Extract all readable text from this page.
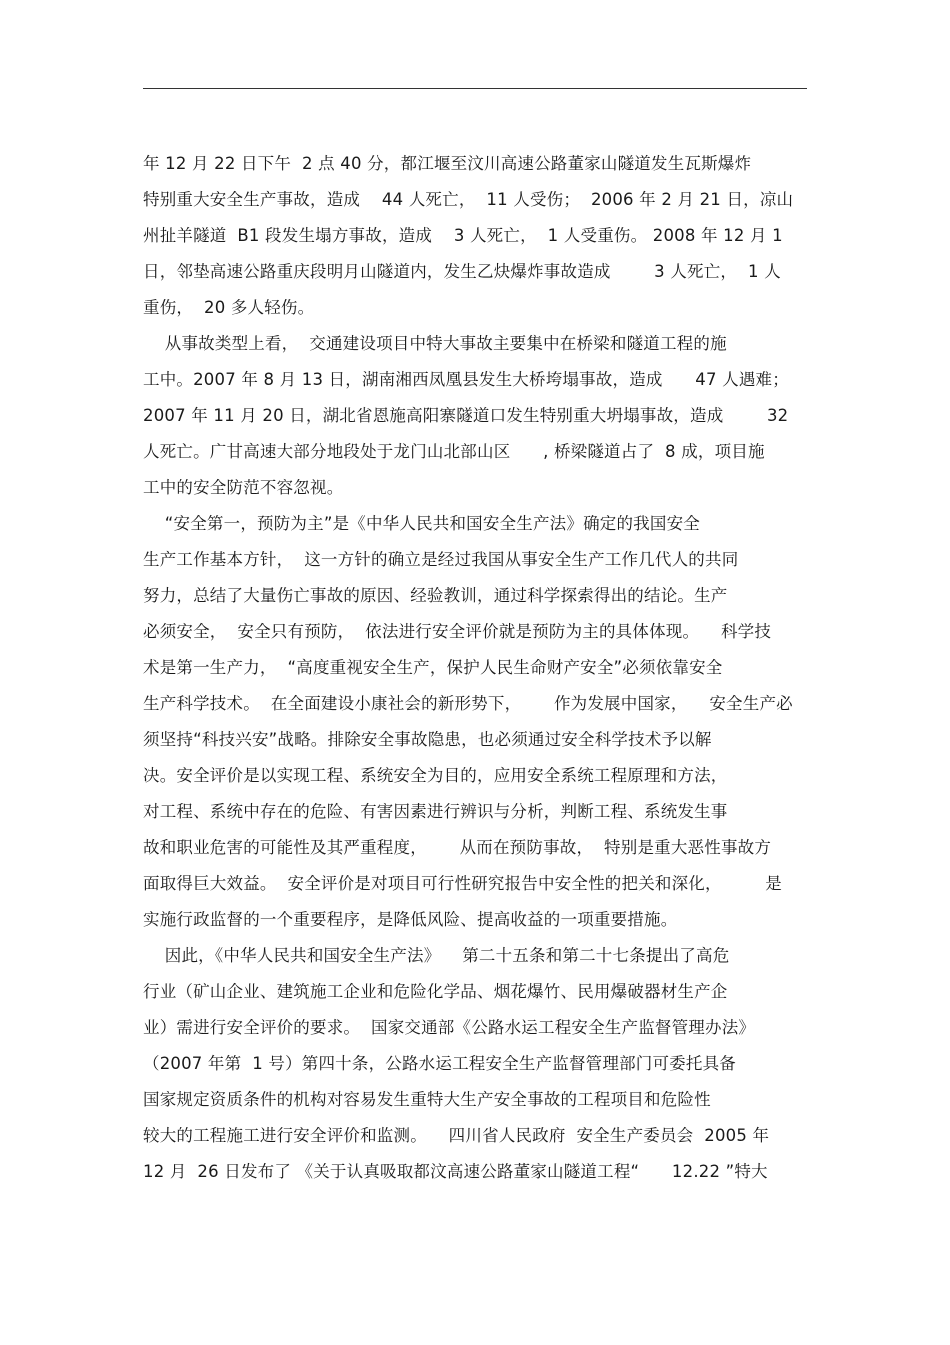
年 12 月 22 日下午  2 点 40 分，都江堰至汶川高速公路董家山隧道发生瓦斯爆炸
特别重大安全生产事故，造成    44 人死亡，  11 人受伤；  2006 年 2 月 21 日，凉山
州扯羊隧道  B1 段发生塌方事故，造成    3 人死亡，  1 人受重伤。 2008 年 12 月 1
日，邻垫高速公路重庆段明月山隧道内，发生乙炔爆炸事故造成        3 人死亡，  1 人
重伤，  20 多人轻伤。
从事故类型上看，  交通建设项目中特大事故主要集中在桥梁和隧道工程的施
工中。2007 年 8 月 13 日，湖南湘西凤凰县发生大桥垮塌事故，造成      47 人遇难；
2007 年 11 月 20 日，湖北省恩施高阳寨隧道口发生特别重大坍塌事故，造成        32
人死亡。广甘高速大部分地段处于龙门山北部山区      , 桥梁隧道占了  8 成，项目施
工中的安全防范不容忽视。
“安全第一，预防为主”是《中华人民共和国安全生产法》确定的我国安全
生产工作基本方针，  这一方针的确立是经过我国从事安全生产工作几代人的共同
努力，总结了大量伤亡事故的原因、经验教训，通过科学探索得出的结论。生产
必须安全，  安全只有预防，  依法进行安全评价就是预防为主的具体体现。    科学技
术是第一生产力，  “高度重视安全生产，保护人民生命财产安全”必须依靠安全
生产科学技术。  在全面建设小康社会的新形势下，      作为发展中国家，    安全生产必
须坚持“科技兴安”战略。排除安全事故隐患，也必须通过安全科学技术予以解
决。安全评价是以实现工程、系统安全为目的，应用安全系统工程原理和方法，
对工程、系统中存在的危险、有害因素进行辨识与分析，判断工程、系统发生事
故和职业危害的可能性及其严重程度，      从而在预防事故，  特别是重大恶性事故方
面取得巨大效益。  安全评价是对项目可行性研究报告中安全性的把关和深化，        是
实施行政监督的一个重要程序，是降低风险、提高收益的一项重要措施。
因此，《中华人民共和国安全生产法》    第二十五条和第二十七条提出了高危
行业（矿山企业、建筑施工企业和危险化学品、烟花爆竹、民用爆破器材生产企
业）需进行安全评价的要求。  国家交通部《公路水运工程安全生产监督管理办法》
（2007 年第  1 号）第四十条，公路水运工程安全生产监督管理部门可委托具备
国家规定资质条件的机构对容易发生重特大生产安全事故的工程项目和危险性
较大的工程施工进行安全评价和监测。    四川省人民政府  安全生产委员会  2005 年
12 月  26 日发布了 《关于认真吸取都汶高速公路董家山隧道工程“      12.22 ”特大
